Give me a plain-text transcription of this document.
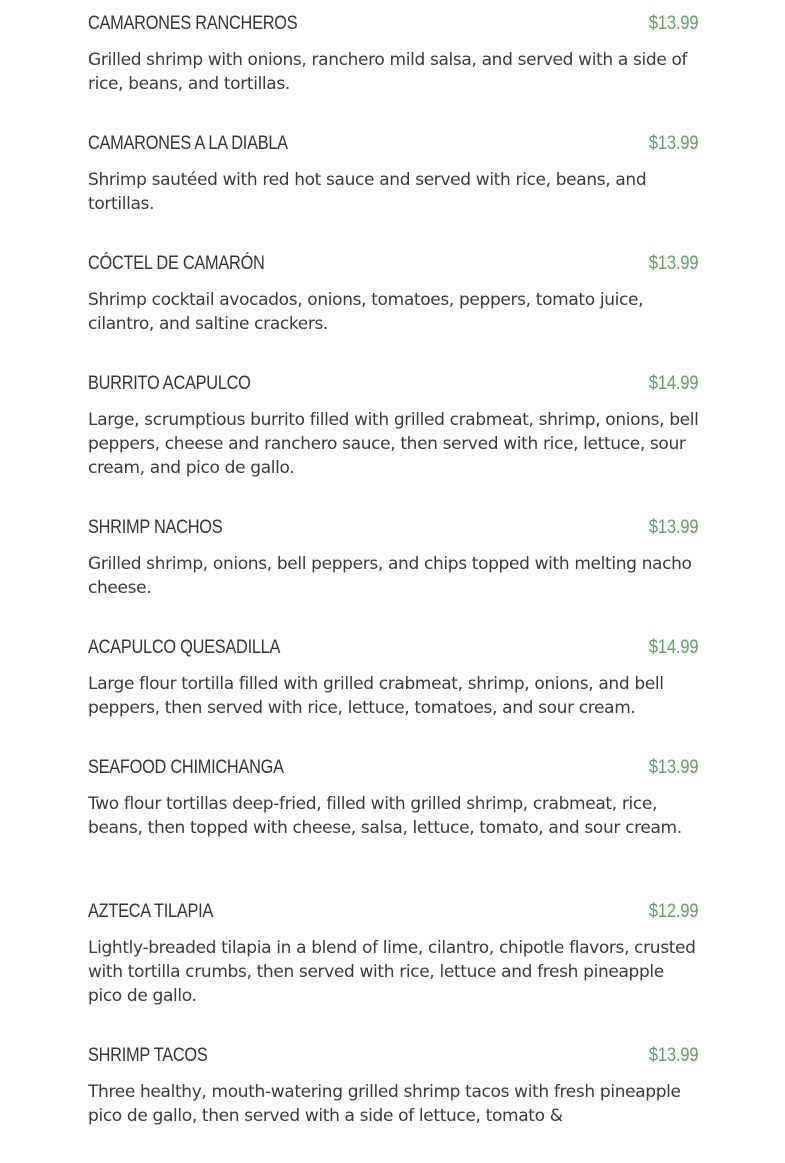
CAMARONES RANCHEROS	$13.99
Grilled shrimp with onions, ranchero mild salsa, and served with a side of rice, beans, and tortillas.
CAMARONES A LA DIABLA	$13.99
Shrimp sautéed with red hot sauce and served with rice, beans, and tortillas.
CÓCTEL DE CAMARÓN	$13.99
Shrimp cocktail avocados, onions, tomatoes, peppers, tomato juice, cilantro, and saltine crackers.
BURRITO ACAPULCO	$14.99
Large, scrumptious burrito filled with grilled crabmeat, shrimp, onions, bell peppers, cheese and ranchero sauce, then served with rice, lettuce, sour cream, and pico de gallo.
SHRIMP NACHOS	$13.99
Grilled shrimp, onions, bell peppers, and chips topped with melting nacho cheese.
ACAPULCO QUESADILLA	$14.99
Large flour tortilla filled with grilled crabmeat, shrimp, onions, and bell peppers, then served with rice, lettuce, tomatoes, and sour cream.
SEAFOOD CHIMICHANGA	$13.99
Two flour tortillas deep-fried, filled with grilled shrimp, crabmeat, rice, beans, then topped with cheese, salsa, lettuce, tomato, and sour cream.
AZTECA TILAPIA	$12.99
Lightly-breaded tilapia in a blend of lime, cilantro, chipotle flavors, crusted with tortilla crumbs, then served with rice, lettuce and fresh pineapple pico de gallo.
SHRIMP TACOS	$13.99
Three healthy, mouth-watering grilled shrimp tacos with fresh pineapple pico de gallo, then served with a side of lettuce, tomato &
